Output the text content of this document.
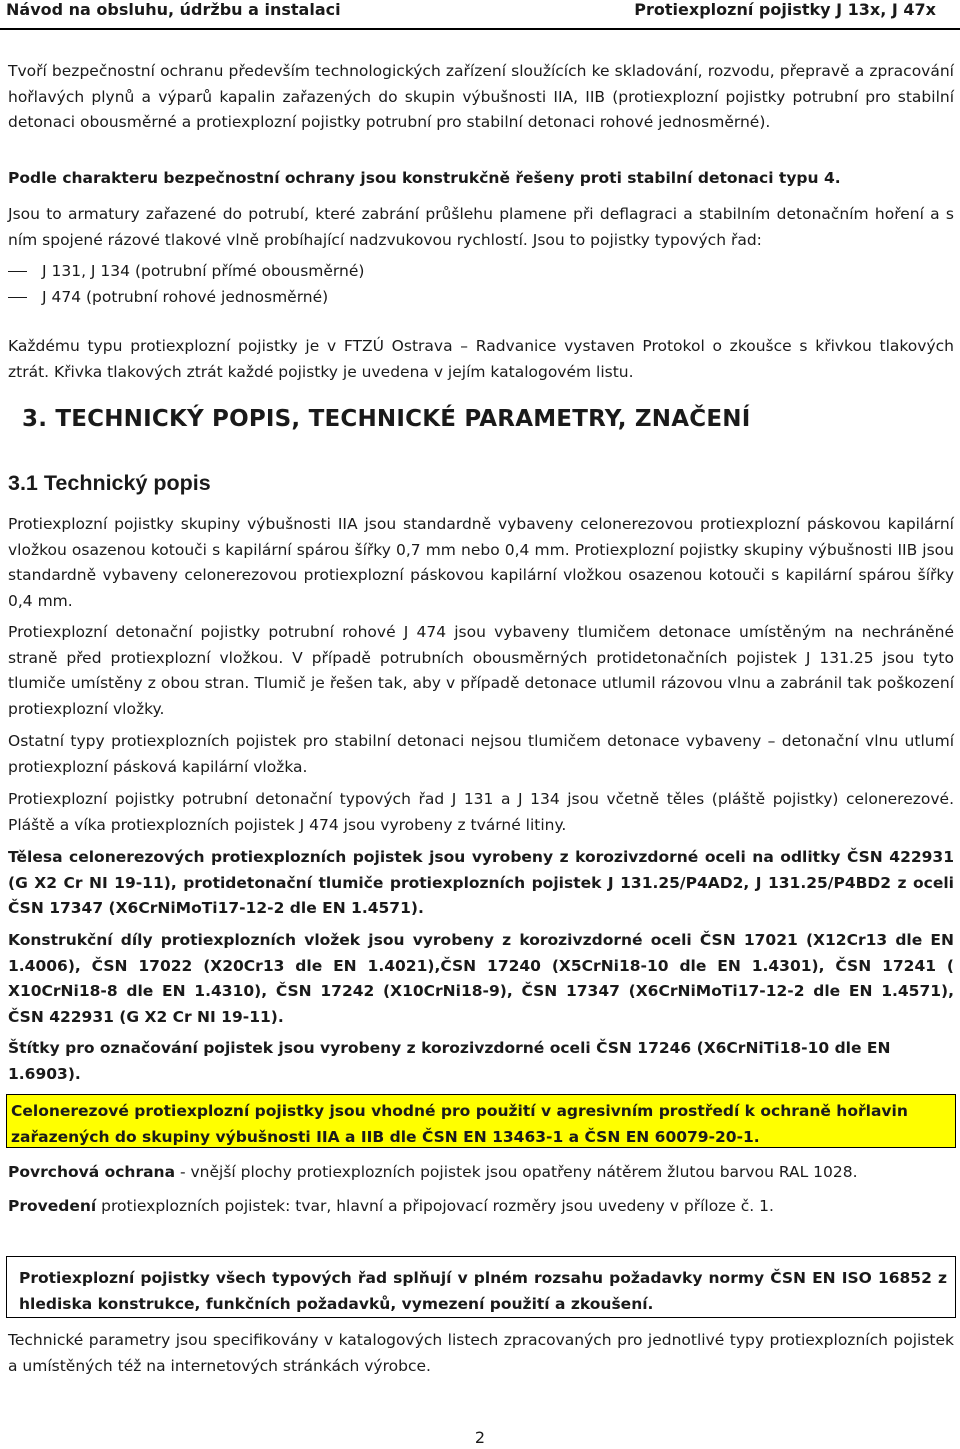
Návod na obsluhu, údržbu a instalaci	Protiexplozní pojistky J 13x, J 47x
Tvoří bezpečnostní ochranu především technologických zařízení sloužících ke skladování, rozvodu, přepravě a zpracování hořlavých plynů a výparů kapalin zařazených do skupin výbušnosti IIA, IIB (protiexplozní pojistky potrubní pro stabilní detonaci obousměrné a protiexplozní pojistky potrubní pro stabilní detonaci rohové jednosměrné).
Podle charakteru bezpečnostní ochrany jsou konstrukčně řešeny proti stabilní detonaci typu 4.
Jsou to armatury zařazené do potrubí, které zabrání průšlehu plamene při deflagraci a stabilním detonačním hoření a s ním spojené rázové tlakové vlně probíhající nadzvukovou rychlostí. Jsou to pojistky typových řad:
J 131, J 134 (potrubní přímé obousměrné)
J 474 (potrubní rohové jednosměrné)
Každému typu protiexplozní pojistky je v FTZÚ Ostrava – Radvanice vystaven Protokol o zkoušce s křivkou tlakových ztrát. Křivka tlakových ztrát každé pojistky je uvedena v jejím katalogovém listu.
3. TECHNICKÝ POPIS, TECHNICKÉ PARAMETRY, ZNAČENÍ
3.1 Technický popis
Protiexplozní pojistky skupiny výbušnosti IIA jsou standardně vybaveny celonerezovou protiexplozní páskovou kapilární vložkou osazenou kotouči s kapilární spárou šířky 0,7 mm nebo 0,4 mm. Protiexplozní pojistky skupiny výbušnosti IIB jsou standardně vybaveny celonerezovou protiexplozní páskovou kapilární vložkou osazenou kotouči s kapilární spárou šířky 0,4 mm.
Protiexplozní detonační pojistky potrubní rohové J 474 jsou vybaveny tlumičem detonace umístěným na nechráněné straně před protiexplozní vložkou. V případě potrubních obousměrných protidetonačních pojistek J 131.25 jsou tyto tlumiče umístěny z obou stran. Tlumič je řešen tak, aby v případě detonace utlumil rázovou vlnu a zabránil tak poškození protiexplozní vložky.
Ostatní typy protiexplozních pojistek pro stabilní detonaci nejsou tlumičem detonace vybaveny – detonační vlnu utlumí protiexplozní pásková kapilární vložka.
Protiexplozní pojistky potrubní detonační typových řad J 131 a J 134 jsou včetně těles (pláště pojistky) celonerezové. Pláště a víka protiexplozních pojistek J 474 jsou vyrobeny z tvárné litiny.
Tělesa celonerezových protiexplozních pojistek jsou vyrobeny z korozivzdorné oceli na odlitky ČSN 422931 (G X2 Cr NI 19-11), protidetonační tlumiče protiexplozních pojistek J 131.25/P4AD2, J 131.25/P4BD2 z oceli ČSN 17347 (X6CrNiMoTi17-12-2 dle EN 1.4571).
Konstrukční díly protiexplozních vložek jsou vyrobeny z korozivzdorné oceli ČSN 17021 (X12Cr13 dle EN 1.4006), ČSN 17022 (X20Cr13 dle EN 1.4021),ČSN 17240 (X5CrNi18-10 dle EN 1.4301), ČSN 17241 ( X10CrNi18-8 dle EN 1.4310), ČSN 17242 (X10CrNi18-9), ČSN 17347 (X6CrNiMoTi17-12-2 dle EN 1.4571), ČSN 422931 (G X2 Cr NI 19-11).
Štítky pro označování pojistek jsou vyrobeny z korozivzdorné oceli ČSN 17246 (X6CrNiTi18-10 dle EN 1.6903).
Celonerezové protiexplozní pojistky jsou vhodné pro použití v agresivním prostředí k ochraně hořlavin zařazených do skupiny výbušnosti IIA a IIB dle ČSN EN 13463-1 a ČSN EN 60079-20-1.
Povrchová ochrana - vnější plochy protiexplozních pojistek jsou opatřeny nátěrem žlutou barvou RAL 1028.
Provedení protiexplozních pojistek: tvar, hlavní a připojovací rozměry jsou uvedeny v příloze č. 1.
Protiexplozní pojistky všech typových řad splňují v plném rozsahu požadavky normy ČSN EN ISO 16852 z hlediska konstrukce, funkčních požadavků, vymezení použití a zkoušení.
Technické parametry jsou specifikovány v katalogových listech zpracovaných pro jednotlivé typy protiexplozních pojistek a umístěných též na internetových stránkách výrobce.
2
